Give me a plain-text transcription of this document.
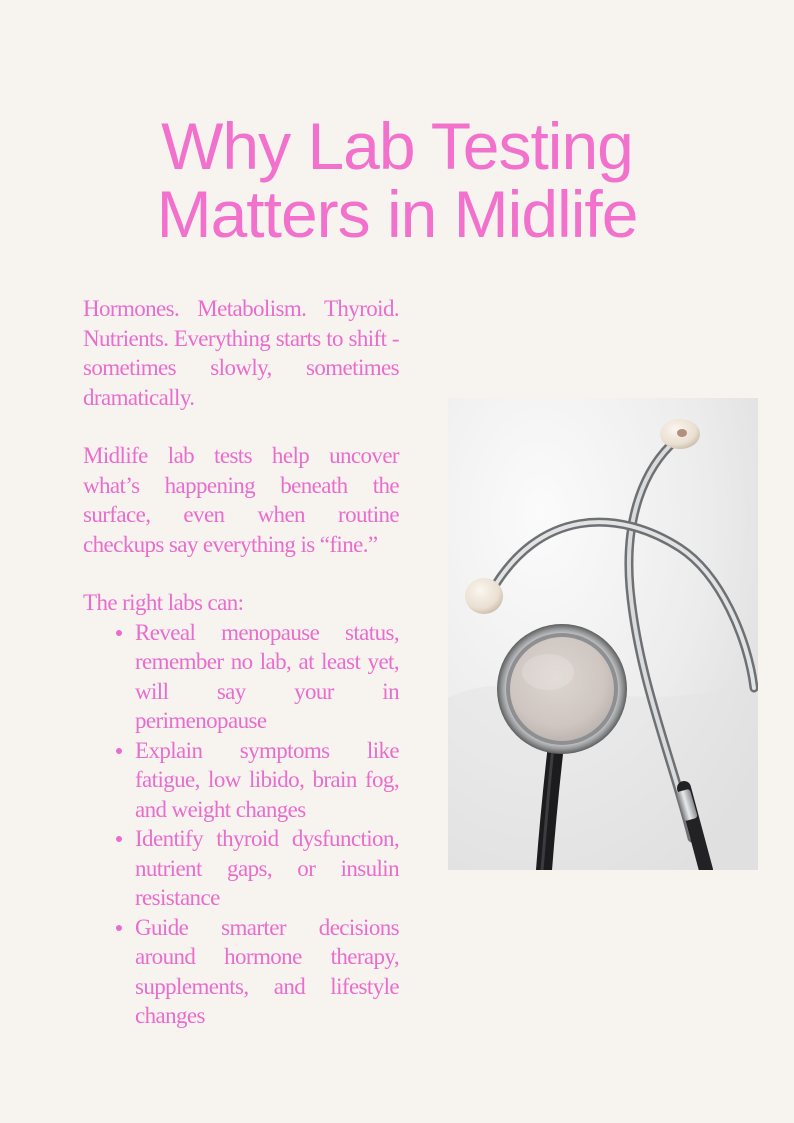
Why Lab Testing
Matters in Midlife

Hormones. Metabolism. Thyroid. Nutrients. Everything starts to shift - sometimes slowly, sometimes dramatically.

Midlife lab tests help uncover what’s happening beneath the surface, even when routine checkups say everything is “fine.”

The right labs can:

Reveal menopause status, remember no lab, at least yet, will say your in perimenopause
Explain symptoms like fatigue, low libido, brain fog, and weight changes
Identify thyroid dysfunction, nutrient gaps, or insulin resistance
Guide smarter decisions around hormone therapy, supplements, and lifestyle changes
